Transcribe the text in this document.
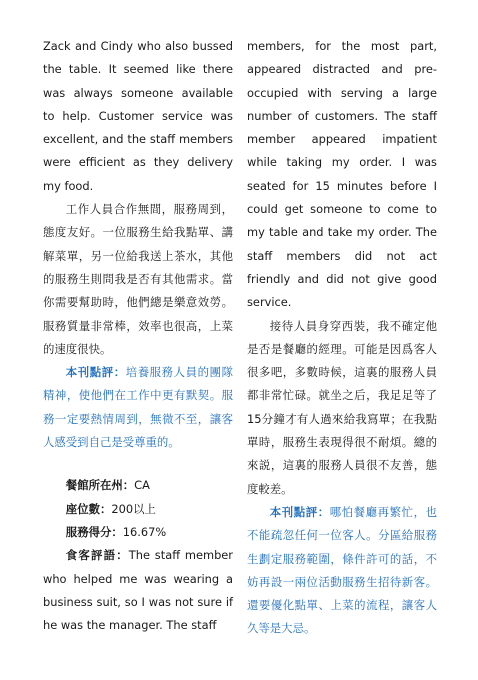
Zack and Cindy who also bussed the table. It seemed like there was always someone available to help. Customer service was excellent, and the staff members were efficient as they delivery my food.

工作人員合作無間，服務周到，態度友好。一位服務生給我點單、講解菜單，另一位給我送上茶水，其他的服務生則問我是否有其他需求。當你需要幫助時，他們總是樂意效勞。服務質量非常棒，效率也很高，上菜的速度很快。

本刊點評：培養服務人員的團隊精神，使他們在工作中更有默契。服務一定要熱情周到，無微不至，讓客人感受到自己是受尊重的。

餐館所在州：CA

座位數：200以上

服務得分：16.67%

食客評語：The staff member who helped me was wearing a business suit, so I was not sure if he was the manager. The staff

members, for the most part, appeared distracted and pre-occupied with serving a large number of customers. The staff member appeared impatient while taking my order. I was seated for 15 minutes before I could get someone to come to my table and take my order. The staff members did not act friendly and did not give good service.

接待人員身穿西裝，我不確定他是否是餐廳的經理。可能是因爲客人很多吧，多數時候，這裏的服務人員都非常忙碌。就坐之后，我足足等了15分鐘才有人過來給我寫單；在我點單時，服務生表現得很不耐煩。總的來説，這裏的服務人員很不友善，態度較差。

本刊點評：哪怕餐廳再繁忙，也不能疏忽任何一位客人。分區給服務生劃定服務範圍，條件許可的話，不妨再設一兩位活動服務生招待新客。還要優化點單、上菜的流程，讓客人久等是大忌。
